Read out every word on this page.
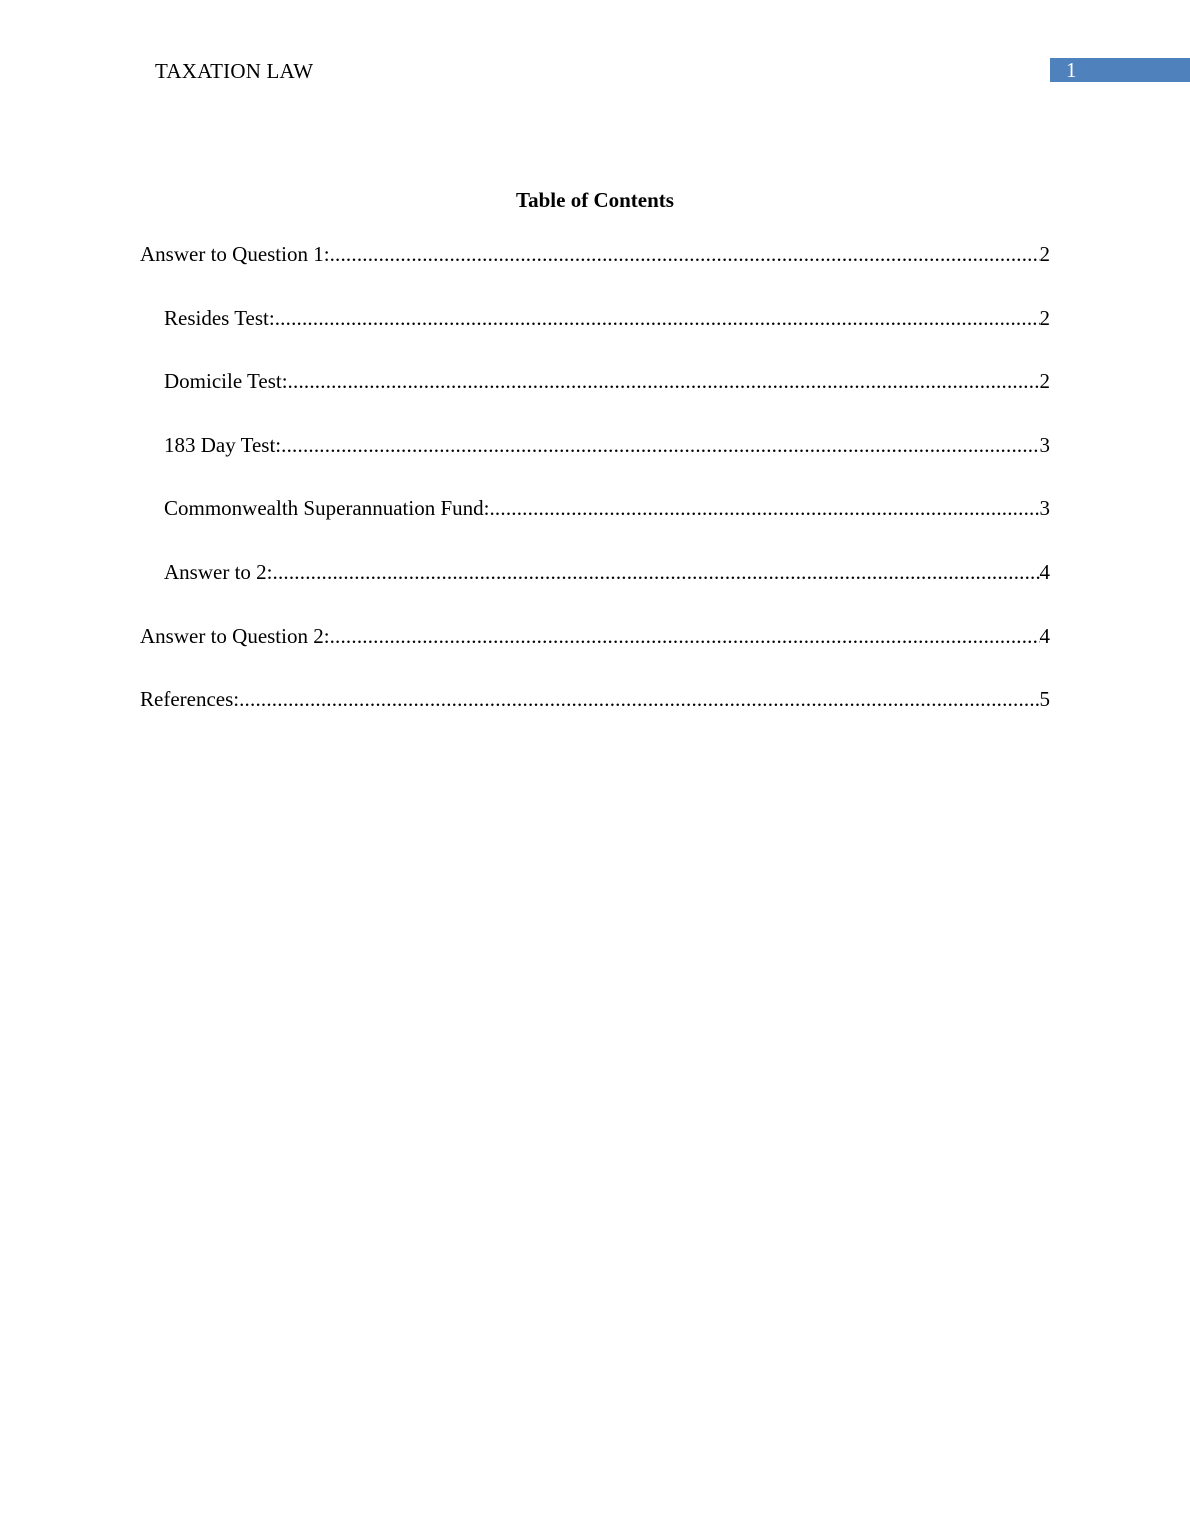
TAXATION LAW	1
Table of Contents
Answer to Question 1: .....	2
Resides Test: .....	2
Domicile Test: .....	2
183 Day Test: .....	3
Commonwealth Superannuation Fund: .....	3
Answer to 2: .....	4
Answer to Question 2: .....	4
References: .....	5
